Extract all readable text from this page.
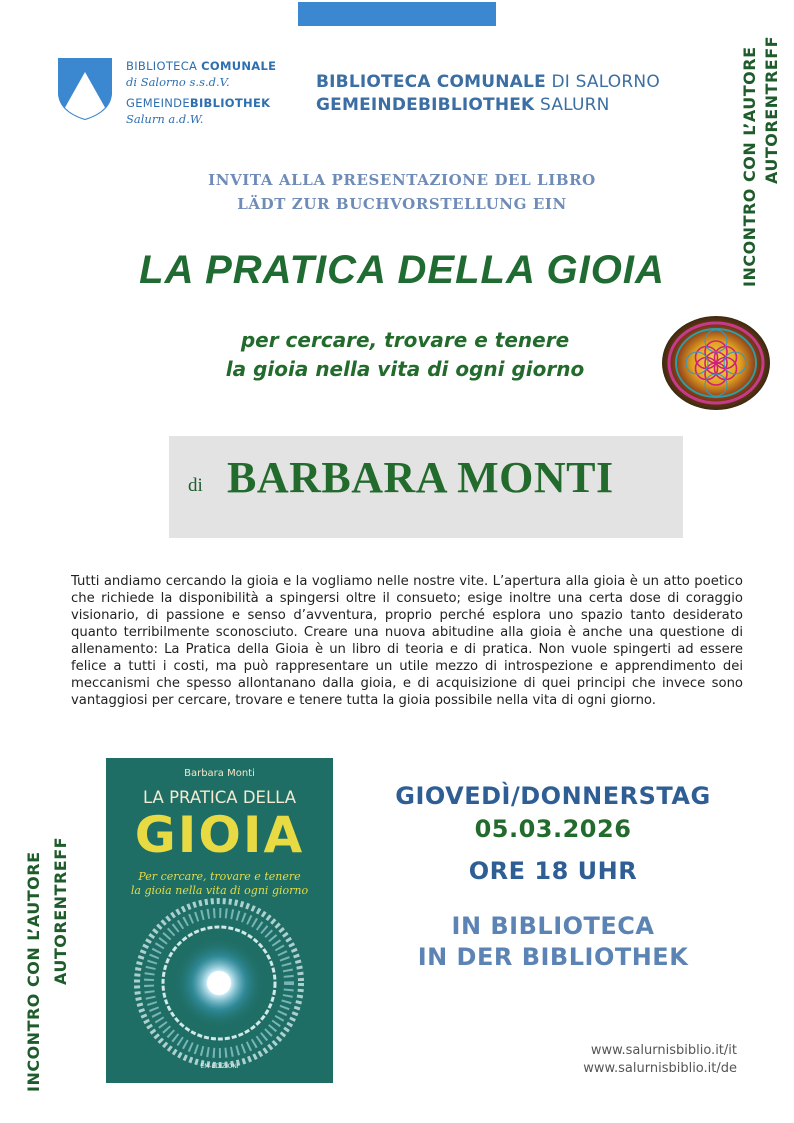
BIBLIOTECA COMUNALE
di Salorno s.s.d.V.
GEMEINDEBIBLIOTHEK
Salurn a.d.W.
BIBLIOTECA COMUNALE DI SALORNO
GEMEINDEBIBLIOTHEK SALURN
INVITA ALLA PRESENTAZIONE DEL LIBRO
LÄDT ZUR BUCHVORSTELLUNG EIN
LA PRATICA DELLA GIOIA
per cercare, trovare e tenere
la gioia nella vita di ogni giorno
di BARBARA MONTI
Tutti andiamo cercando la gioia e la vogliamo nelle nostre vite. L’apertura alla gioia è un atto poetico che richiede la disponibilità a spingersi oltre il consueto; esige inoltre una certa dose di coraggio visionario, di passione e senso d’avventura, proprio perché esplora uno spazio tanto desiderato quanto terribilmente sconosciuto. Creare una nuova abitudine alla gioia è anche una questione di allenamento: La Pratica della Gioia è un libro di teoria e di pratica. Non vuole spingerti ad essere felice a tutti i costi, ma può rappresentare un utile mezzo di introspezione e apprendimento dei meccanismi che spesso allontanano dalla gioia, e di acquisizione di quei principi che invece sono vantaggiosi per cercare, trovare e tenere tutta la gioia possibile nella vita di ogni giorno.
Barbara Monti
LA PRATICA DELLA
GIOIA
Per cercare, trovare e tenere
la gioia nella vita di ogni giorno
EM-EDIZIONI
GIOVEDÌ/DONNERSTAG
05.03.2026
ORE 18 UHR
IN BIBLIOTECA
IN DER BIBLIOTHEK
www.salurnisbiblio.it/it
www.salurnisbiblio.it/de
INCONTRO CON L’AUTORE AUTORENTREFF
INCONTRO CON L’AUTORE AUTORENTREFF
